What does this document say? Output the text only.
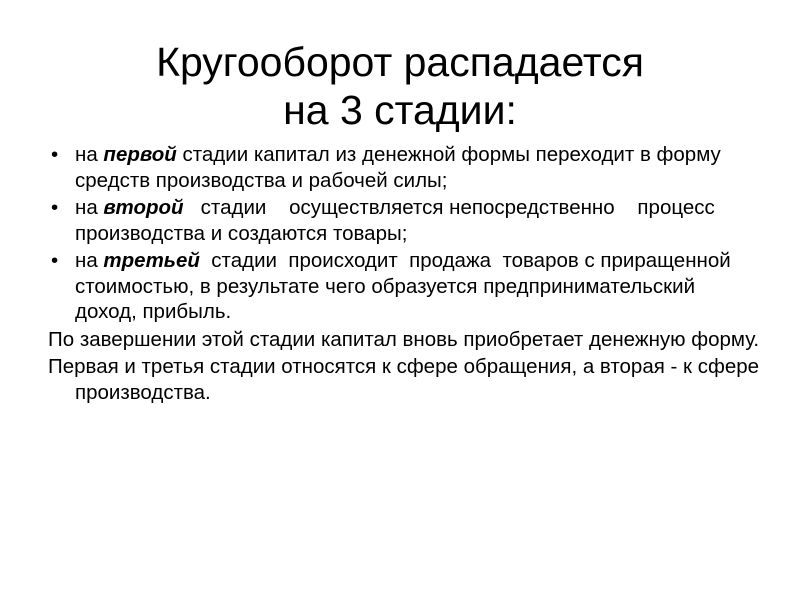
Кругооборот распадается
на 3 стадии:
• на первой стадии капитал из денежной формы переходит в форму средств производства и рабочей силы;
• на второй   стадии    осуществляется непосредственно    процесс  производства и создаются товары;
• на третьей  стадии  происходит  продажа  товаров с приращенной стоимостью, в результате чего образуется предпринимательский доход, прибыль.
По завершении этой стадии капитал вновь приобретает денежную форму.
Первая и третья стадии относятся к сфере обращения, а вторая - к сфере производства.
